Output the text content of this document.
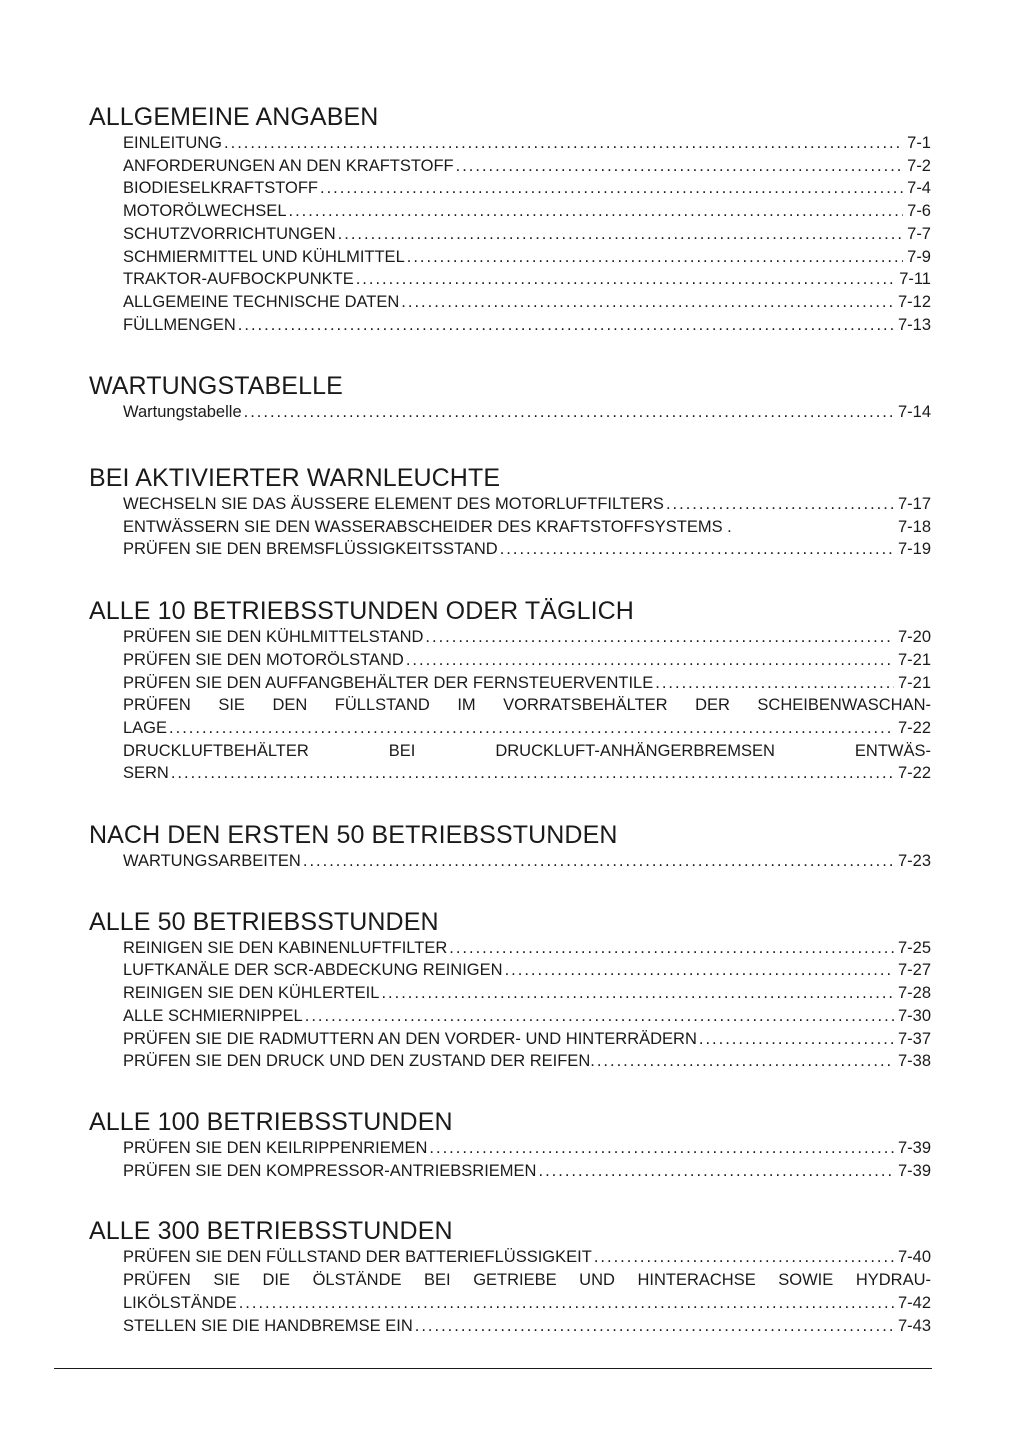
ALLGEMEINE ANGABEN
EINLEITUNG .....	7-1
ANFORDERUNGEN AN DEN KRAFTSTOFF .....	7-2
BIODIESELKRAFTSTOFF .....	7-4
MOTORÖLWECHSEL .....	7-6
SCHUTZVORRICHTUNGEN .....	7-7
SCHMIERMITTEL UND KÜHLMITTEL .....	7-9
TRAKTOR-AUFBOCKPUNKTE .....	7-11
ALLGEMEINE TECHNISCHE DATEN .....	7-12
FÜLLMENGEN .....	7-13
WARTUNGSTABELLE
Wartungstabelle .....	7-14
BEI AKTIVIERTER WARNLEUCHTE
WECHSELN SIE DAS ÄUSSERE ELEMENT DES MOTORLUFTFILTERS .....	7-17
ENTWÄSSERN SIE DEN WASSERABSCHEIDER DES KRAFTSTOFFSYSTEMS .	7-18
PRÜFEN SIE DEN BREMSFLÜSSIGKEITSSTAND .....	7-19
ALLE 10 BETRIEBSSTUNDEN ODER TÄGLICH
PRÜFEN SIE DEN KÜHLMITTELSTAND .....	7-20
PRÜFEN SIE DEN MOTORÖLSTAND .....	7-21
PRÜFEN SIE DEN AUFFANGBEHÄLTER DER FERNSTEUERVENTILE .....	7-21
PRÜFEN SIE DEN FÜLLSTAND IM VORRATSBEHÄLTER DER SCHEIBENWASCHAN-
LAGE .....	7-22
DRUCKLUFTBEHÄLTER BEI DRUCKLUFT-ANHÄNGERBREMSEN ENTWÄS-
SERN .....	7-22
NACH DEN ERSTEN 50 BETRIEBSSTUNDEN
WARTUNGSARBEITEN .....	7-23
ALLE 50 BETRIEBSSTUNDEN
REINIGEN SIE DEN KABINENLUFTFILTER .....	7-25
LUFTKANÄLE DER SCR-ABDECKUNG REINIGEN .....	7-27
REINIGEN SIE DEN KÜHLERTEIL .....	7-28
ALLE SCHMIERNIPPEL .....	7-30
PRÜFEN SIE DIE RADMUTTERN AN DEN VORDER- UND HINTERRÄDERN .....	7-37
PRÜFEN SIE DEN DRUCK UND DEN ZUSTAND DER REIFEN. .....	7-38
ALLE 100 BETRIEBSSTUNDEN
PRÜFEN SIE DEN KEILRIPPENRIEMEN .....	7-39
PRÜFEN SIE DEN KOMPRESSOR-ANTRIEBSRIEMEN .....	7-39
ALLE 300 BETRIEBSSTUNDEN
PRÜFEN SIE DEN FÜLLSTAND DER BATTERIEFLÜSSIGKEIT .....	7-40
PRÜFEN SIE DIE ÖLSTÄNDE BEI GETRIEBE UND HINTERACHSE SOWIE HYDRAU-
LIKÖLSTÄNDE .....	7-42
STELLEN SIE DIE HANDBREMSE EIN .....	7-43
